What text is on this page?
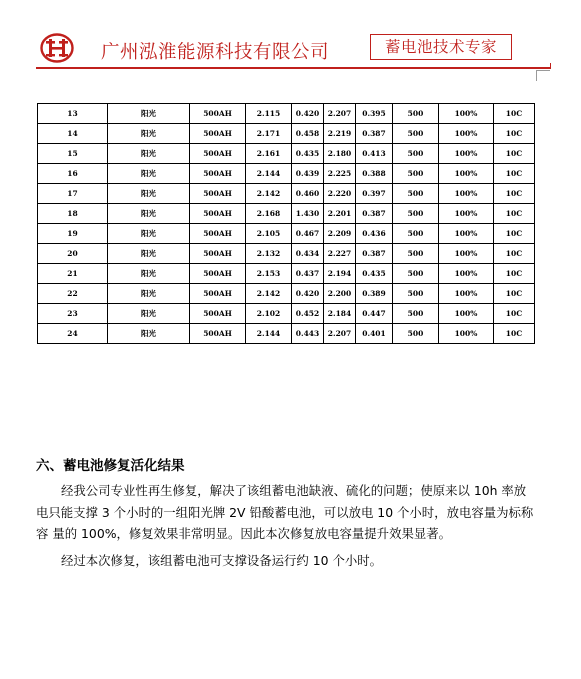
广州泓淮能源科技有限公司	蓄电池技术专家
13	阳光	500AH	2.115	0.420	2.207	0.395	500	100%	10C
14	阳光	500AH	2.171	0.458	2.219	0.387	500	100%	10C
15	阳光	500AH	2.161	0.435	2.180	0.413	500	100%	10C
16	阳光	500AH	2.144	0.439	2.225	0.388	500	100%	10C
17	阳光	500AH	2.142	0.460	2.220	0.397	500	100%	10C
18	阳光	500AH	2.168	1.430	2.201	0.387	500	100%	10C
19	阳光	500AH	2.105	0.467	2.209	0.436	500	100%	10C
20	阳光	500AH	2.132	0.434	2.227	0.387	500	100%	10C
21	阳光	500AH	2.153	0.437	2.194	0.435	500	100%	10C
22	阳光	500AH	2.142	0.420	2.200	0.389	500	100%	10C
23	阳光	500AH	2.102	0.452	2.184	0.447	500	100%	10C
24	阳光	500AH	2.144	0.443	2.207	0.401	500	100%	10C
六、蓄电池修复活化结果
经我公司专业性再生修复，解决了该组蓄电池缺液、硫化的问题；使原来以 10h 率放
电只能支撑 3 个小时的一组阳光牌 2V 铅酸蓄电池，可以放电 10 个小时，放电容量为标称
容 量的 100%，修复效果非常明显。因此本次修复放电容量提升效果显著。
经过本次修复，该组蓄电池可支撑设备运行约 10 个小时。
